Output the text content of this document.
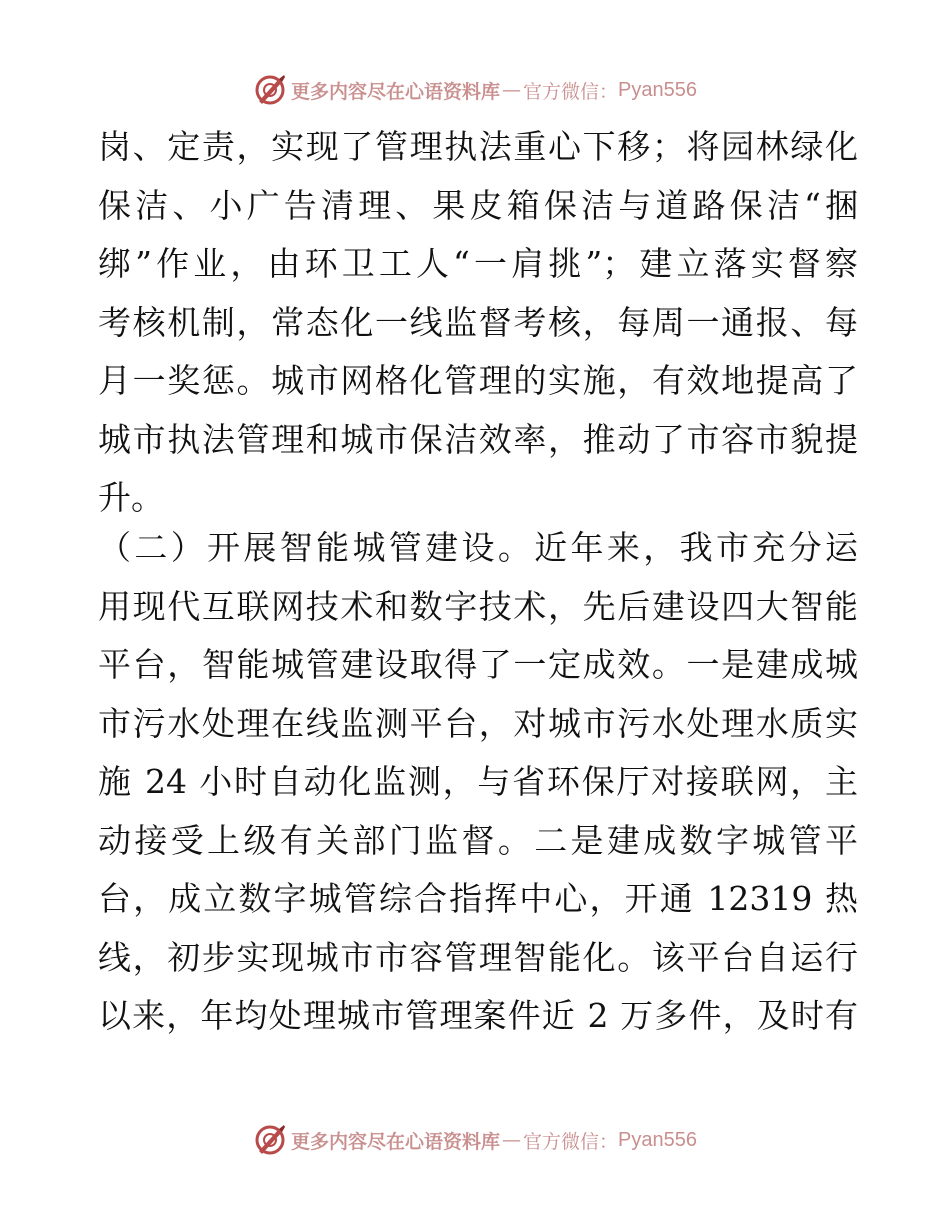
更多内容尽在心语资料库 — 官方微信： Pyan556
岗、定责，实现了管理执法重心下移；将园林绿化
保洁、小广告清理、果皮箱保洁与道路保洁“捆
绑”作业，由环卫工人“一肩挑”；建立落实督察
考核机制，常态化一线监督考核，每周一通报、每
月一奖惩。城市网格化管理的实施，有效地提高了
城市执法管理和城市保洁效率，推动了市容市貌提
升。
（二）开展智能城管建设。近年来，我市充分运
用现代互联网技术和数字技术，先后建设四大智能
平台，智能城管建设取得了一定成效。一是建成城
市污水处理在线监测平台，对城市污水处理水质实
施 24 小时自动化监测，与省环保厅对接联网，主
动接受上级有关部门监督。二是建成数字城管平
台，成立数字城管综合指挥中心，开通 12319 热
线，初步实现城市市容管理智能化。该平台自运行
以来，年均处理城市管理案件近 2 万多件，及时有
更多内容尽在心语资料库 — 官方微信： Pyan556
